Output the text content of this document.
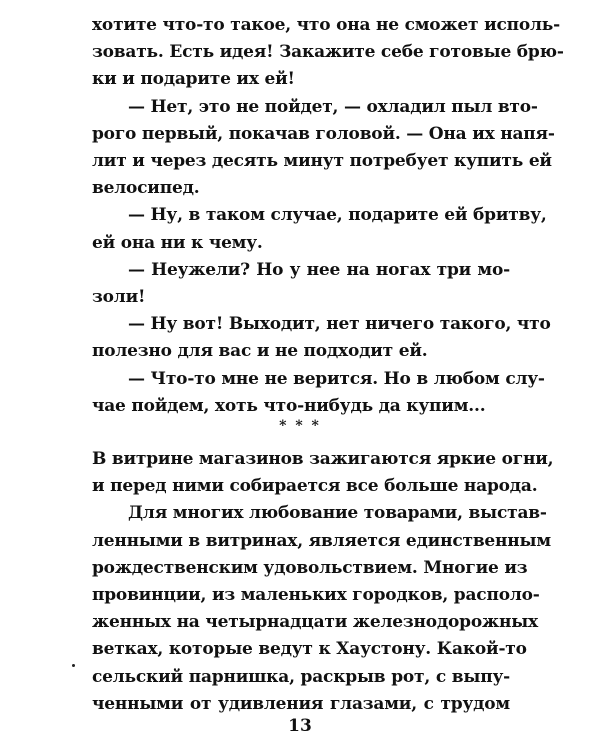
хотите что-то такое, что она не сможет исполь-
зовать. Есть идея! Закажите себе готовые брю-
ки и подарите их ей!
— Нет, это не пойдет, — охладил пыл вто-
рого первый, покачав головой. — Она их напя-
лит и через десять минут потребует купить ей
велосипед.
— Ну, в таком случае, подарите ей бритву,
ей она ни к чему.
— Неужели? Но у нее на ногах три мо-
золи!
— Ну вот! Выходит, нет ничего такого, что
полезно для вас и не подходит ей.
— Что-то мне не верится. Но в любом слу-
чае пойдем, хоть что-нибудь да купим...
* * *
В витрине магазинов зажигаются яркие огни,
и перед ними собирается все больше народа.
Для многих любование товарами, выстав-
ленными в витринах, является единственным
рождественским удовольствием. Многие из
провинции, из маленьких городков, располо-
женных на четырнадцати железнодорожных
ветках, которые ведут к Хаустону. Какой-то
сельский парнишка, раскрыв рот, с выпу-
ченными от удивления глазами, с трудом
13
